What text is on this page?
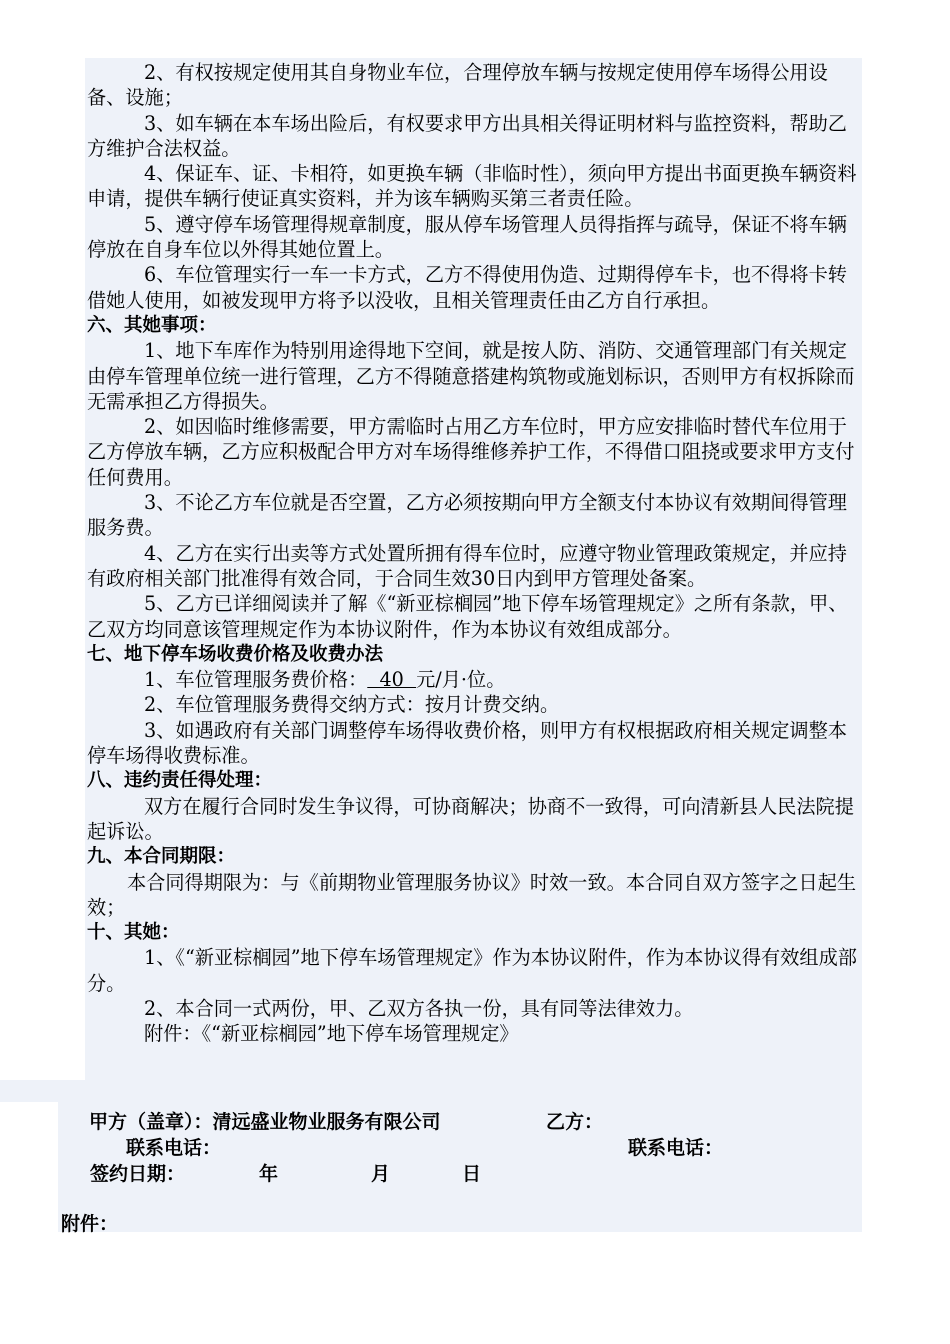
2、有权按规定使用其自身物业车位，合理停放车辆与按规定使用停车场得公用设备、设施；

3、如车辆在本车场出险后，有权要求甲方出具相关得证明材料与监控资料，帮助乙方维护合法权益。

4、保证车、证、卡相符，如更换车辆（非临时性），须向甲方提出书面更换车辆资料申请，提供车辆行使证真实资料，并为该车辆购买第三者责任险。

5、遵守停车场管理得规章制度，服从停车场管理人员得指挥与疏导，保证不将车辆停放在自身车位以外得其她位置上。

6、车位管理实行一车一卡方式，乙方不得使用伪造、过期得停车卡，也不得将卡转借她人使用，如被发现甲方将予以没收，且相关管理责任由乙方自行承担。

六、其她事项：

1、地下车库作为特别用途得地下空间，就是按人防、消防、交通管理部门有关规定由停车管理单位统一进行管理，乙方不得随意搭建构筑物或施划标识，否则甲方有权拆除而无需承担乙方得损失。

2、如因临时维修需要，甲方需临时占用乙方车位时，甲方应安排临时替代车位用于乙方停放车辆，乙方应积极配合甲方对车场得维修养护工作，不得借口阻挠或要求甲方支付任何费用。

3、不论乙方车位就是否空置，乙方必须按期向甲方全额支付本协议有效期间得管理服务费。

4、乙方在实行出卖等方式处置所拥有得车位时，应遵守物业管理政策规定，并应持有政府相关部门批准得有效合同，于合同生效30日内到甲方管理处备案。

5、乙方已详细阅读并了解《“新亚棕榈园”地下停车场管理规定》之所有条款，甲、乙双方均同意该管理规定作为本协议附件，作为本协议有效组成部分。

七、地下停车场收费价格及收费办法

1、车位管理服务费价格：  40  元/月·位。

2、车位管理服务费得交纳方式：按月计费交纳。

3、如遇政府有关部门调整停车场得收费价格，则甲方有权根据政府相关规定调整本停车场得收费标准。

八、违约责任得处理：

双方在履行合同时发生争议得，可协商解决；协商不一致得，可向清新县人民法院提起诉讼。

九、本合同期限：

本合同得期限为：与《前期物业管理服务协议》时效一致。本合同自双方签字之日起生效；

十、其她：

1、《“新亚棕榈园”地下停车场管理规定》作为本协议附件，作为本协议得有效组成部分。

2、本合同一式两份，甲、乙双方各执一份，具有同等法律效力。

附件：《“新亚棕榈园”地下停车场管理规定》

甲方（盖章）：清远盛业物业服务有限公司	乙方：
联系电话：	联系电话：
签约日期：	年	月	日
附件：
